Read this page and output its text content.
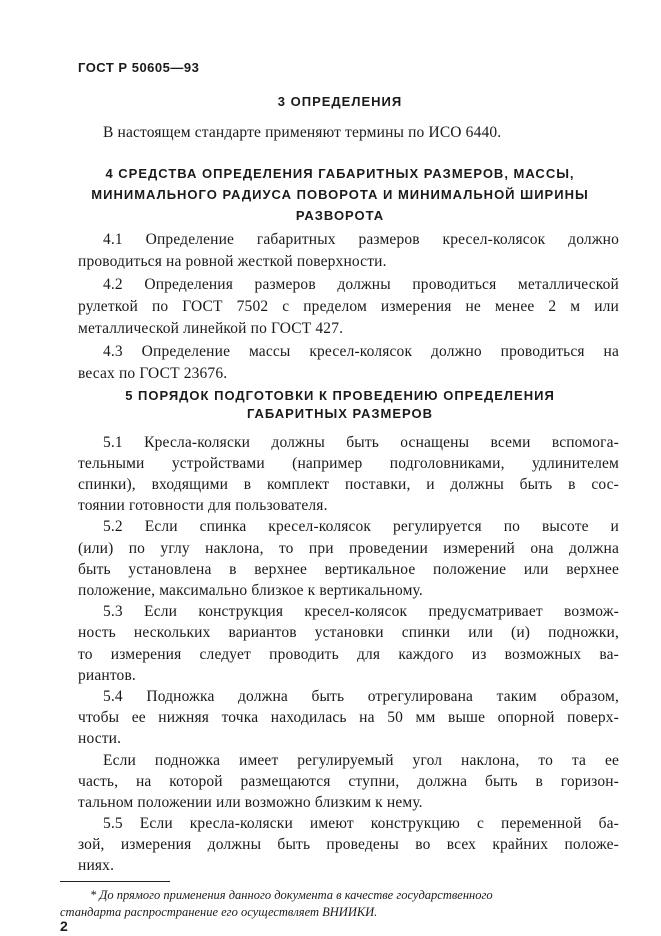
ГОСТ Р 50605—93
3 ОПРЕДЕЛЕНИЯ
В настоящем стандарте применяют термины по ИСО 6440.
4 СРЕДСТВА ОПРЕДЕЛЕНИЯ ГАБАРИТНЫХ РАЗМЕРОВ, МАССЫ,
МИНИМАЛЬНОГО РАДИУСА ПОВОРОТА И МИНИМАЛЬНОЙ ШИРИНЫ
РАЗВОРОТА
4.1 Определение габаритных размеров кресел-колясок должно
проводиться на ровной жесткой поверхности.
4.2 Определения размеров должны проводиться металлической
рулеткой по ГОСТ 7502 с пределом измерения не менее 2 м или
металлической линейкой по ГОСТ 427.
4.3 Определение массы кресел-колясок должно проводиться на
весах по ГОСТ 23676.
5 ПОРЯДОК ПОДГОТОВКИ К ПРОВЕДЕНИЮ ОПРЕДЕЛЕНИЯ
ГАБАРИТНЫХ РАЗМЕРОВ
5.1 Кресла-коляски должны быть оснащены всеми вспомога-
тельными устройствами (например подголовниками, удлинителем
спинки), входящими в комплект поставки, и должны быть в сос-
тоянии готовности для пользователя.
5.2 Если спинка кресел-колясок регулируется по высоте и
(или) по углу наклона, то при проведении измерений она должна
быть установлена в верхнее вертикальное положение или верхнее
положение, максимально близкое к вертикальному.
5.3 Если конструкция кресел-колясок предусматривает возмож-
ность нескольких вариантов установки спинки или (и) подножки,
то измерения следует проводить для каждого из возможных ва-
риантов.
5.4 Подножка должна быть отрегулирована таким образом,
чтобы ее нижняя точка находилась на 50 мм выше опорной поверх-
ности.
Если подножка имеет регулируемый угол наклона, то та ее
часть, на которой размещаются ступни, должна быть в горизон-
тальном положении или возможно близким к нему.
5.5 Если кресла-коляски имеют конструкцию с переменной ба-
зой, измерения должны быть проведены во всех крайних положе-
ниях.
* До прямого применения данного документа в качестве государственного
стандарта распространение его осуществляет ВНИИКИ.
2
